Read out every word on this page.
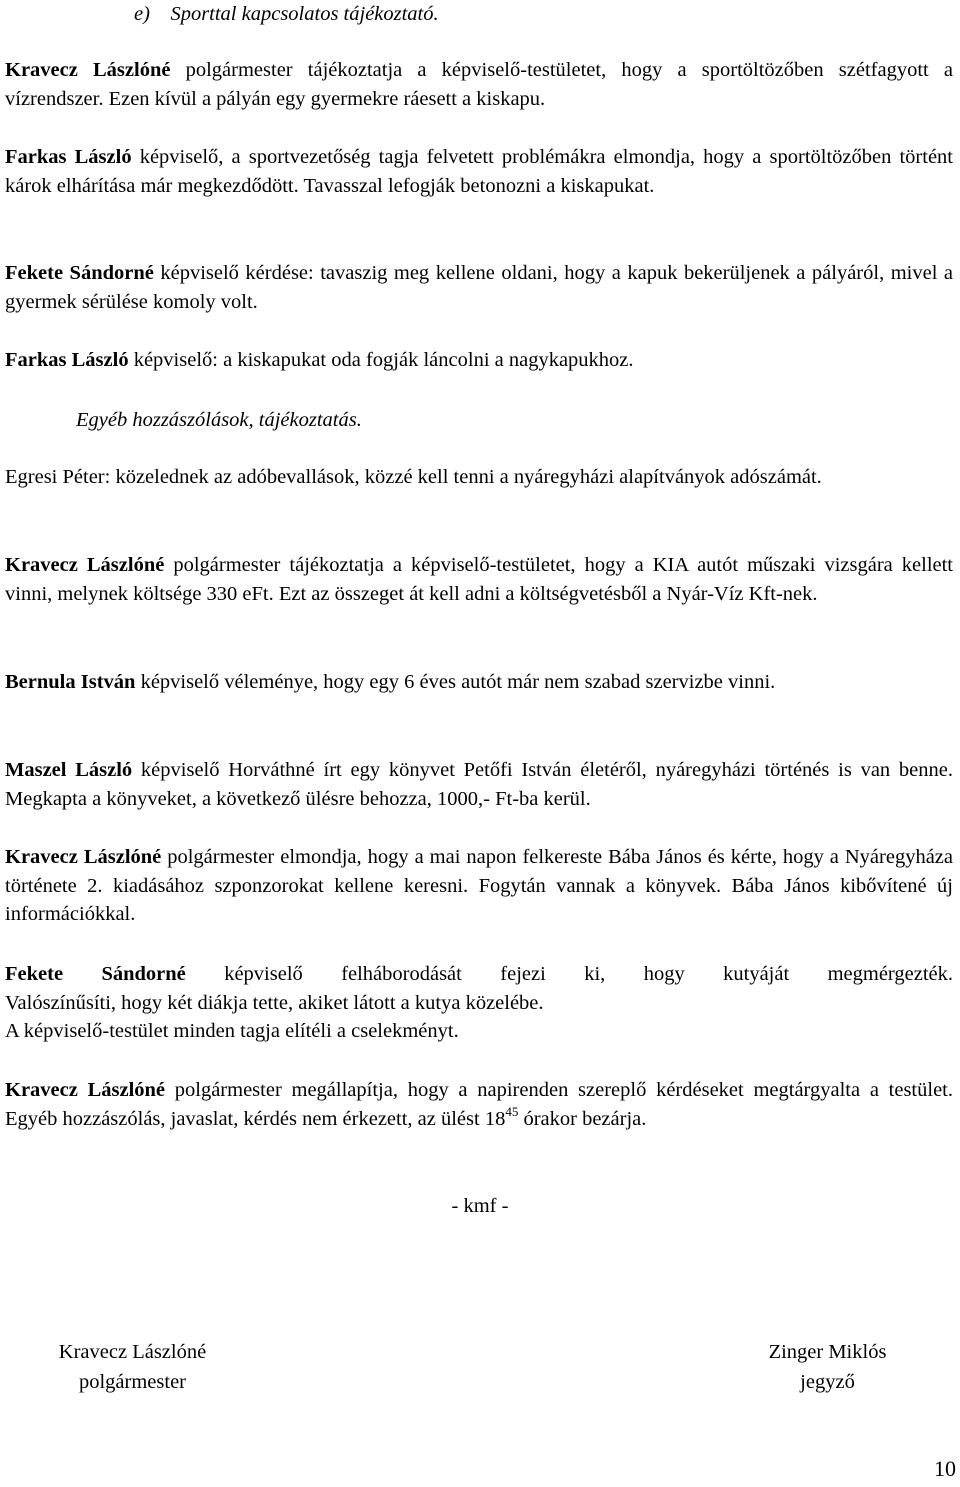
e) Sporttal kapcsolatos tájékoztató.

Kravecz Lászlóné polgármester tájékoztatja a képviselő-testületet, hogy a sportöltözőben szétfagyott a vízrendszer. Ezen kívül a pályán egy gyermekre ráesett a kiskapu.

Farkas László képviselő, a sportvezetőség tagja felvetett problémákra elmondja, hogy a sportöltözőben történt károk elhárítása már megkezdődött. Tavasszal lefogják betonozni a kiskapukat.

Fekete Sándorné képviselő kérdése: tavaszig meg kellene oldani, hogy a kapuk bekerüljenek a pályáról, mivel a gyermek sérülése komoly volt.

Farkas László képviselő: a kiskapukat oda fogják láncolni a nagykapukhoz.

Egyéb hozzászólások, tájékoztatás.

Egresi Péter: közelednek az adóbevallások, közzé kell tenni a nyáregyházi alapítványok adószámát.

Kravecz Lászlóné polgármester tájékoztatja a képviselő-testületet, hogy a KIA autót műszaki vizsgára kellett vinni, melynek költsége 330 eFt. Ezt az összeget át kell adni a költségvetésből a Nyár-Víz Kft-nek.

Bernula István képviselő véleménye, hogy egy 6 éves autót már nem szabad szervizbe vinni.

Maszel László képviselő Horváthné írt egy könyvet Petőfi István életéről, nyáregyházi történés is van benne. Megkapta a könyveket, a következő ülésre behozza, 1000,- Ft-ba kerül.

Kravecz Lászlóné polgármester elmondja, hogy a mai napon felkereste Bába János és kérte, hogy a Nyáregyháza története 2. kiadásához szponzorokat kellene keresni. Fogytán vannak a könyvek. Bába János kibővítené új információkkal.

Fekete Sándorné képviselő felháborodását fejezi ki, hogy kutyáját megmérgezték.
Valószínűsíti, hogy két diákja tette, akiket látott a kutya közelébe.
A képviselő-testület minden tagja elítéli a cselekményt.

Kravecz Lászlóné polgármester megállapítja, hogy a napirenden szereplő kérdéseket megtárgyalta a testület. Egyéb hozzászólás, javaslat, kérdés nem érkezett, az ülést $18^{45}$ órakor bezárja.

- kmf -
Kravecz Lászlóné
polgármester
Zinger Miklós
jegyző
10
